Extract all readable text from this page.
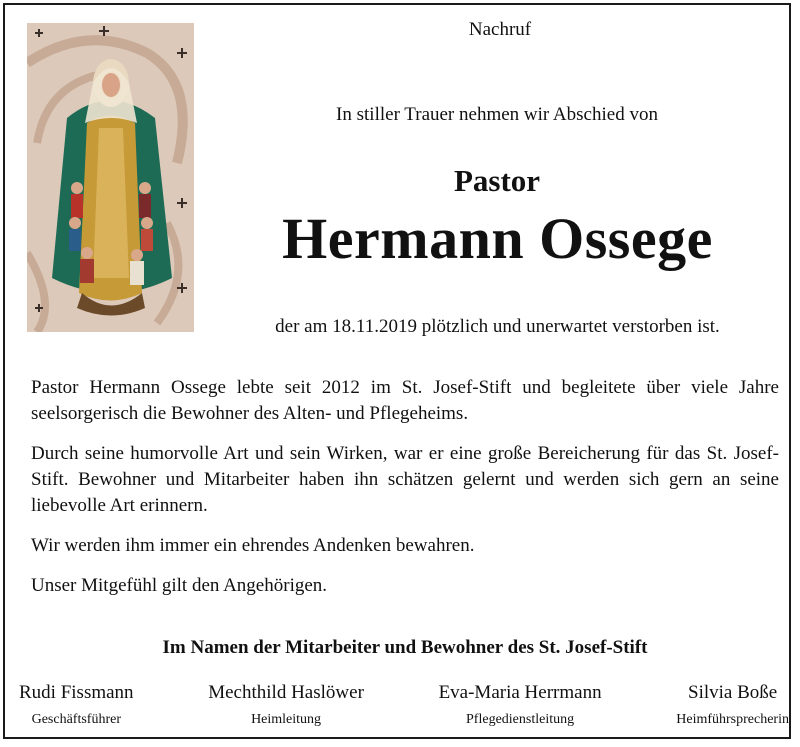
Nachruf
In stiller Trauer nehmen wir Abschied von
Pastor
Hermann Ossege
der am 18.11.2019 plötzlich und unerwartet verstorben ist.

Pastor Hermann Ossege lebte seit 2012 im St. Josef-Stift und begleitete über viele Jahre seelsorgerisch die Bewohner des Alten- und Pflegeheims.

Durch seine humorvolle Art und sein Wirken, war er eine große Bereicherung für das St. Josef-Stift. Bewohner und Mitarbeiter haben ihn schätzen gelernt und werden sich gern an seine liebevolle Art erinnern.

Wir werden ihm immer ein ehrendes Andenken bewahren.

Unser Mitgefühl gilt den Angehörigen.

Im Namen der Mitarbeiter und Bewohner des St. Josef-Stift
Rudi Fissmann
Geschäftsführer
Mechthild Haslöwer
Heimleitung
Eva-Maria Herrmann
Pflegedienstleitung
Silvia Boße
Heimführsprecherin
